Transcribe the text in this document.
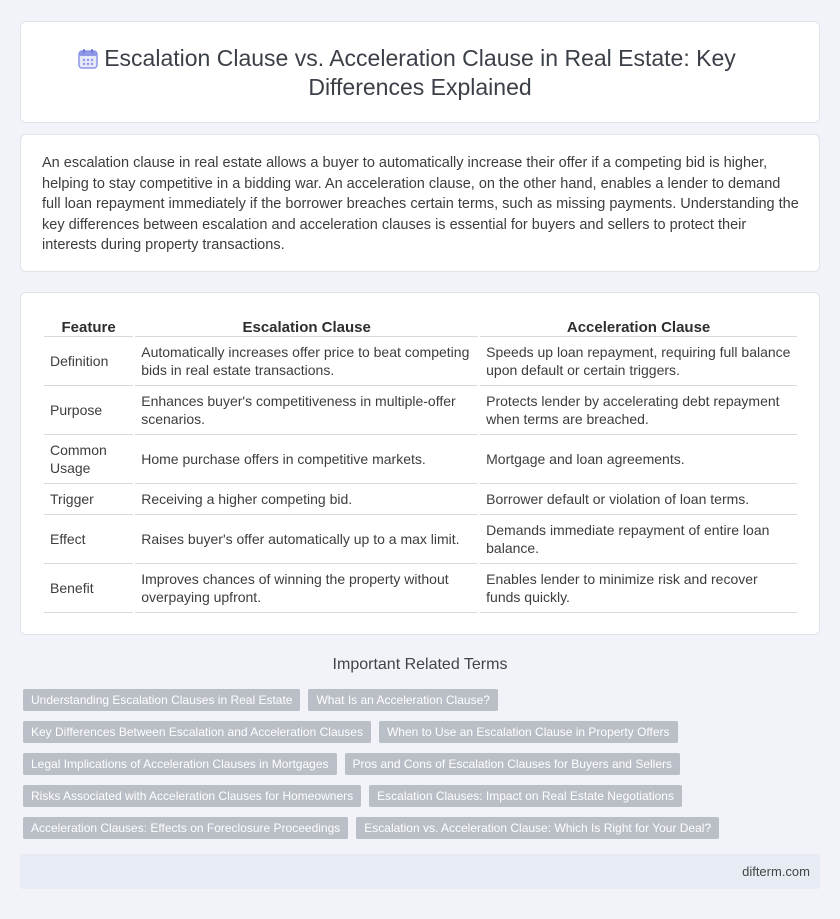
Escalation Clause vs. Acceleration Clause in Real Estate: Key Differences Explained

An escalation clause in real estate allows a buyer to automatically increase their offer if a competing bid is higher, helping to stay competitive in a bidding war. An acceleration clause, on the other hand, enables a lender to demand full loan repayment immediately if the borrower breaches certain terms, such as missing payments. Understanding the key differences between escalation and acceleration clauses is essential for buyers and sellers to protect their interests during property transactions.

Feature	Escalation Clause	Acceleration Clause
Definition	Automatically increases offer price to beat competing bids in real estate transactions.	Speeds up loan repayment, requiring full balance upon default or certain triggers.
Purpose	Enhances buyer's competitiveness in multiple-offer scenarios.	Protects lender by accelerating debt repayment when terms are breached.
Common Usage	Home purchase offers in competitive markets.	Mortgage and loan agreements.
Trigger	Receiving a higher competing bid.	Borrower default or violation of loan terms.
Effect	Raises buyer's offer automatically up to a max limit.	Demands immediate repayment of entire loan balance.
Benefit	Improves chances of winning the property without overpaying upfront.	Enables lender to minimize risk and recover funds quickly.
Important Related Terms
Understanding Escalation Clauses in Real Estate	What Is an Acceleration Clause?
Key Differences Between Escalation and Acceleration Clauses	When to Use an Escalation Clause in Property Offers
Legal Implications of Acceleration Clauses in Mortgages	Pros and Cons of Escalation Clauses for Buyers and Sellers
Risks Associated with Acceleration Clauses for Homeowners	Escalation Clauses: Impact on Real Estate Negotiations
Acceleration Clauses: Effects on Foreclosure Proceedings	Escalation vs. Acceleration Clause: Which Is Right for Your Deal?
difterm.com
